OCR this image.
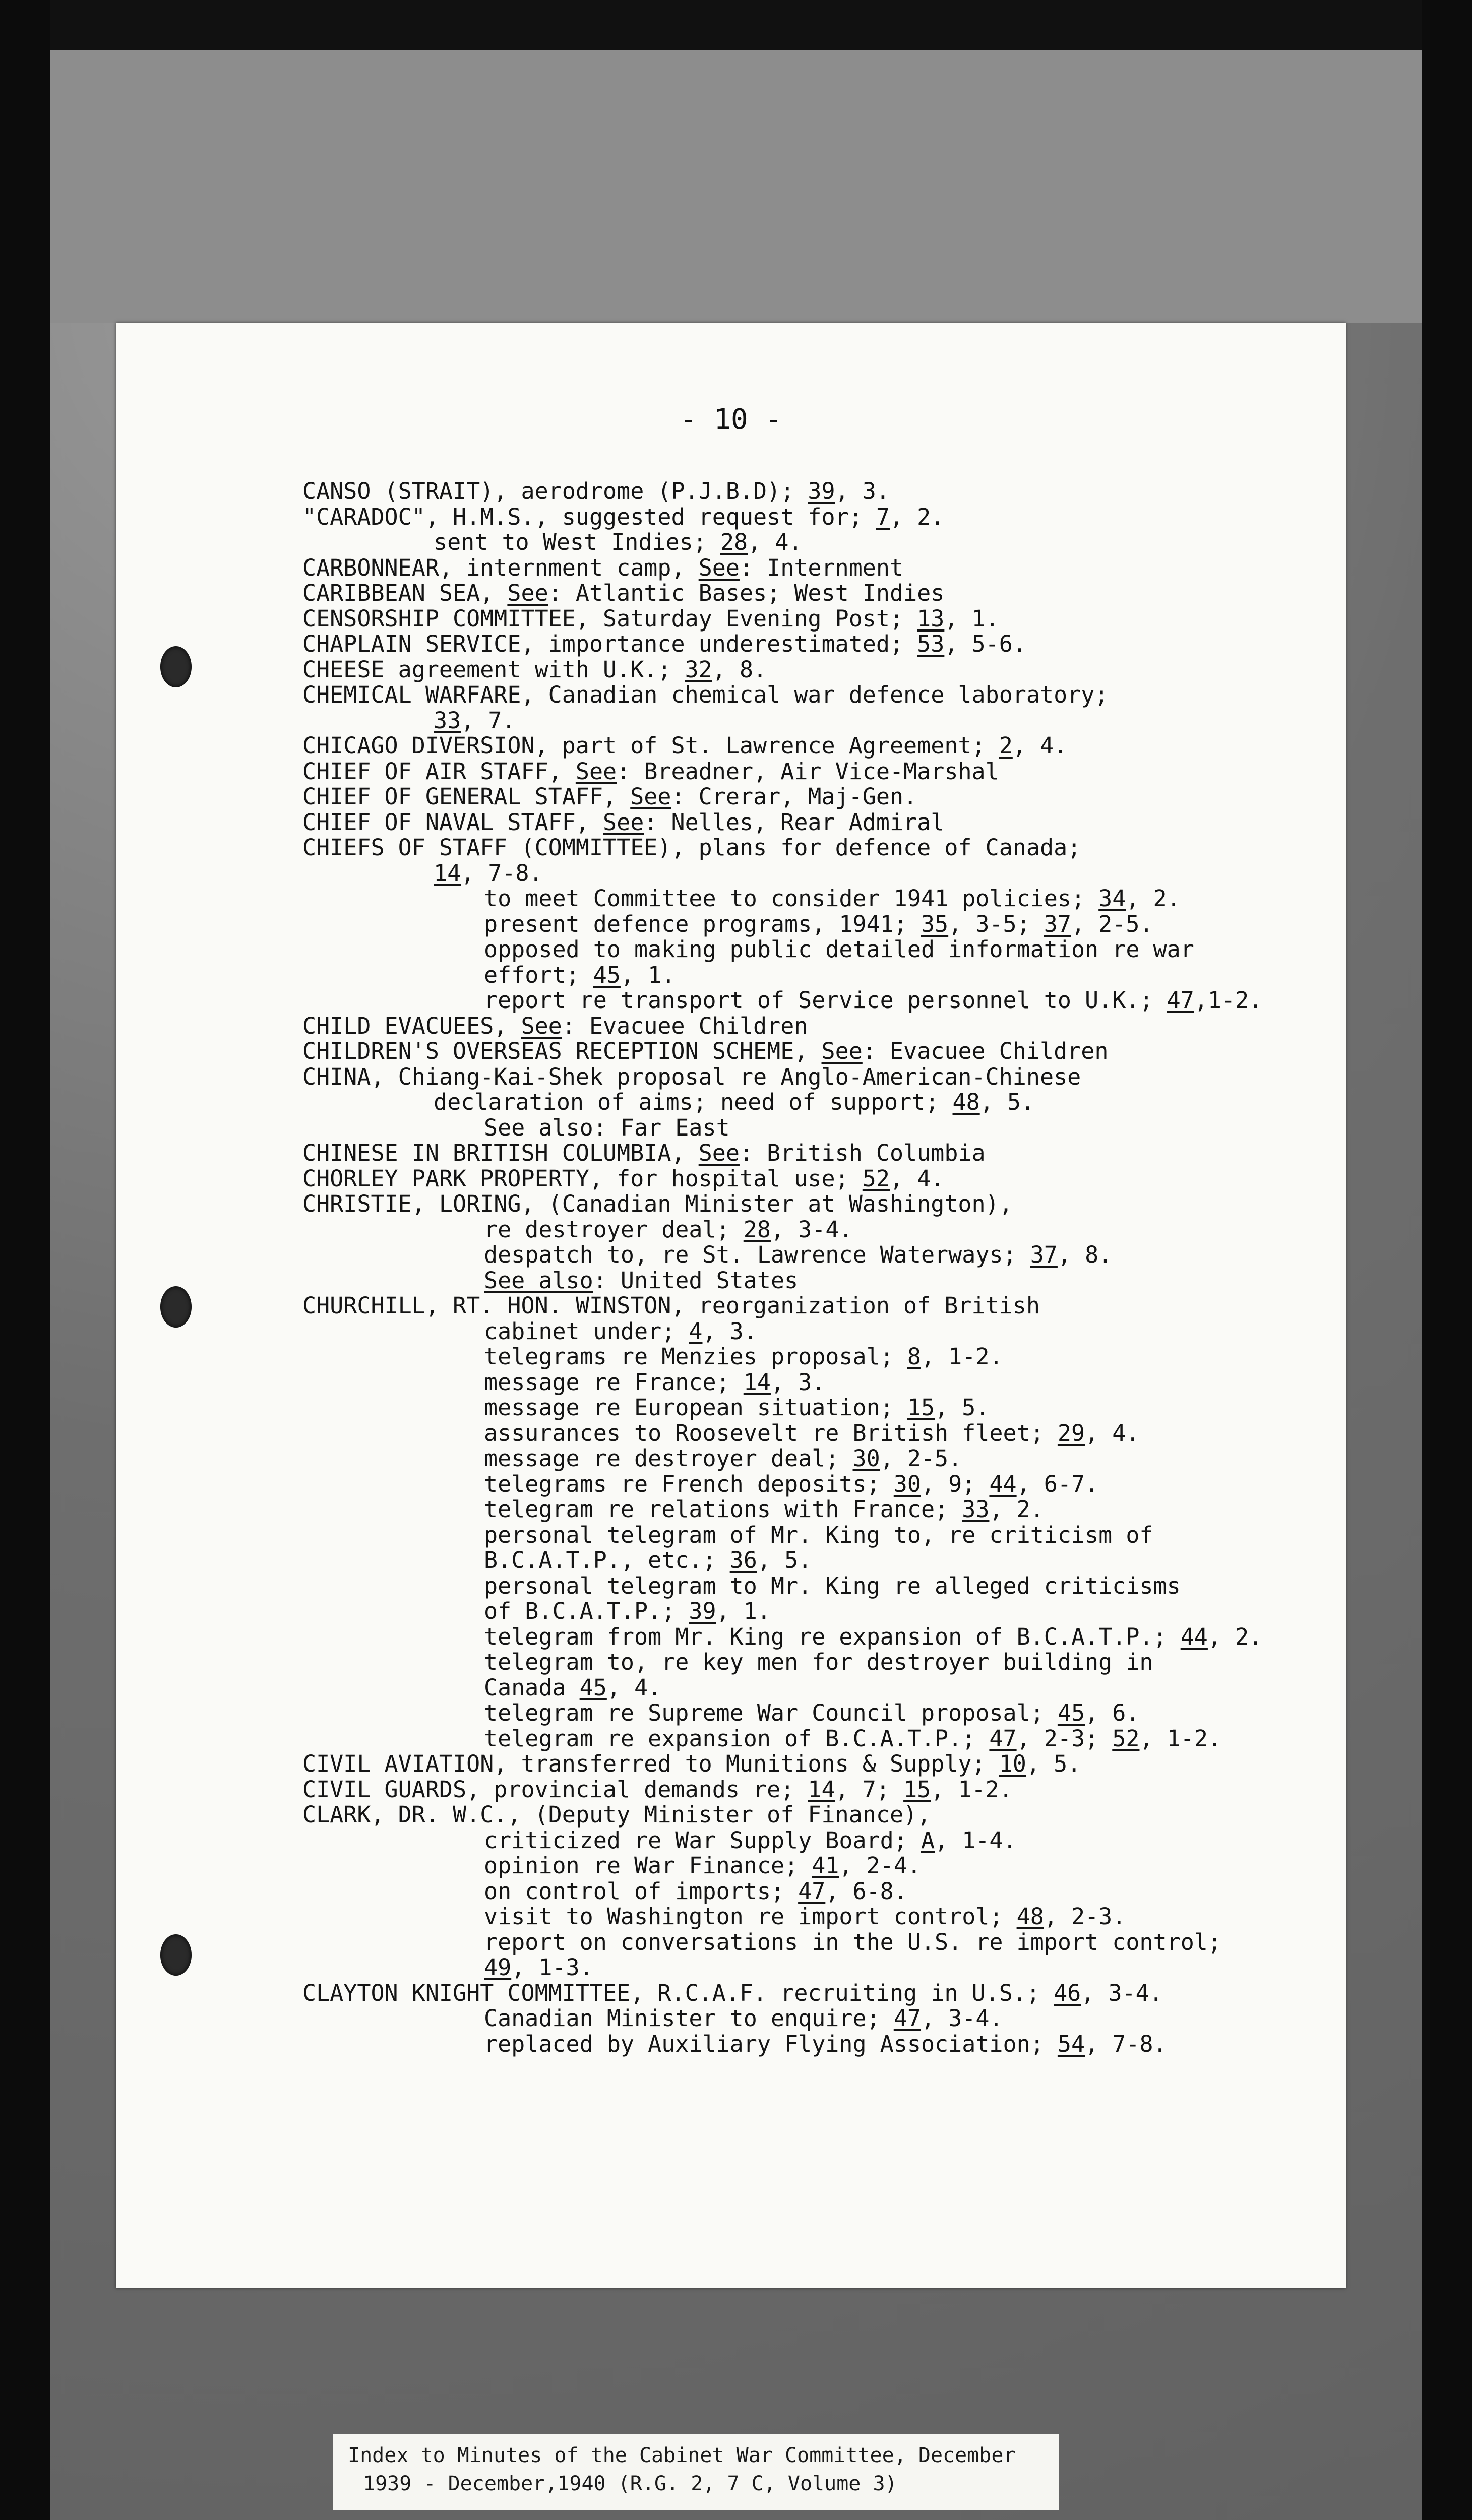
- 10 -
CANSO (STRAIT), aerodrome (P.J.B.D); 39, 3.
"CARADOC", H.M.S., suggested request for; 7, 2.
sent to West Indies; 28, 4.
CARBONNEAR, internment camp, See: Internment
CARIBBEAN SEA, See: Atlantic Bases; West Indies
CENSORSHIP COMMITTEE, Saturday Evening Post; 13, 1.
CHAPLAIN SERVICE, importance underestimated; 53, 5-6.
CHEESE agreement with U.K.; 32, 8.
CHEMICAL WARFARE, Canadian chemical war defence laboratory;
33, 7.
CHICAGO DIVERSION, part of St. Lawrence Agreement; 2, 4.
CHIEF OF AIR STAFF, See: Breadner, Air Vice-Marshal
CHIEF OF GENERAL STAFF, See: Crerar, Maj-Gen.
CHIEF OF NAVAL STAFF, See: Nelles, Rear Admiral
CHIEFS OF STAFF (COMMITTEE), plans for defence of Canada;
14, 7-8.
to meet Committee to consider 1941 policies; 34, 2.
present defence programs, 1941; 35, 3-5; 37, 2-5.
opposed to making public detailed information re war
effort; 45, 1.
report re transport of Service personnel to U.K.; 47,1-2.
CHILD EVACUEES, See: Evacuee Children
CHILDREN'S OVERSEAS RECEPTION SCHEME, See: Evacuee Children
CHINA, Chiang-Kai-Shek proposal re Anglo-American-Chinese
declaration of aims; need of support; 48, 5.
See also: Far East
CHINESE IN BRITISH COLUMBIA, See: British Columbia
CHORLEY PARK PROPERTY, for hospital use; 52, 4.
CHRISTIE, LORING, (Canadian Minister at Washington),
re destroyer deal; 28, 3-4.
despatch to, re St. Lawrence Waterways; 37, 8.
See also: United States
CHURCHILL, RT. HON. WINSTON, reorganization of British
cabinet under; 4, 3.
telegrams re Menzies proposal; 8, 1-2.
message re France; 14, 3.
message re European situation; 15, 5.
assurances to Roosevelt re British fleet; 29, 4.
message re destroyer deal; 30, 2-5.
telegrams re French deposits; 30, 9; 44, 6-7.
telegram re relations with France; 33, 2.
personal telegram of Mr. King to, re criticism of
B.C.A.T.P., etc.; 36, 5.
personal telegram to Mr. King re alleged criticisms
of B.C.A.T.P.; 39, 1.
telegram from Mr. King re expansion of B.C.A.T.P.; 44, 2.
telegram to, re key men for destroyer building in
Canada 45, 4.
telegram re Supreme War Council proposal; 45, 6.
telegram re expansion of B.C.A.T.P.; 47, 2-3; 52, 1-2.
CIVIL AVIATION, transferred to Munitions & Supply; 10, 5.
CIVIL GUARDS, provincial demands re; 14, 7; 15, 1-2.
CLARK, DR. W.C., (Deputy Minister of Finance),
criticized re War Supply Board; A, 1-4.
opinion re War Finance; 41, 2-4.
on control of imports; 47, 6-8.
visit to Washington re import control; 48, 2-3.
report on conversations in the U.S. re import control;
49, 1-3.
CLAYTON KNIGHT COMMITTEE, R.C.A.F. recruiting in U.S.; 46, 3-4.
Canadian Minister to enquire; 47, 3-4.
replaced by Auxiliary Flying Association; 54, 7-8.
Index to Minutes of the Cabinet War Committee, December
1939 - December,1940 (R.G. 2, 7 C, Volume 3)
